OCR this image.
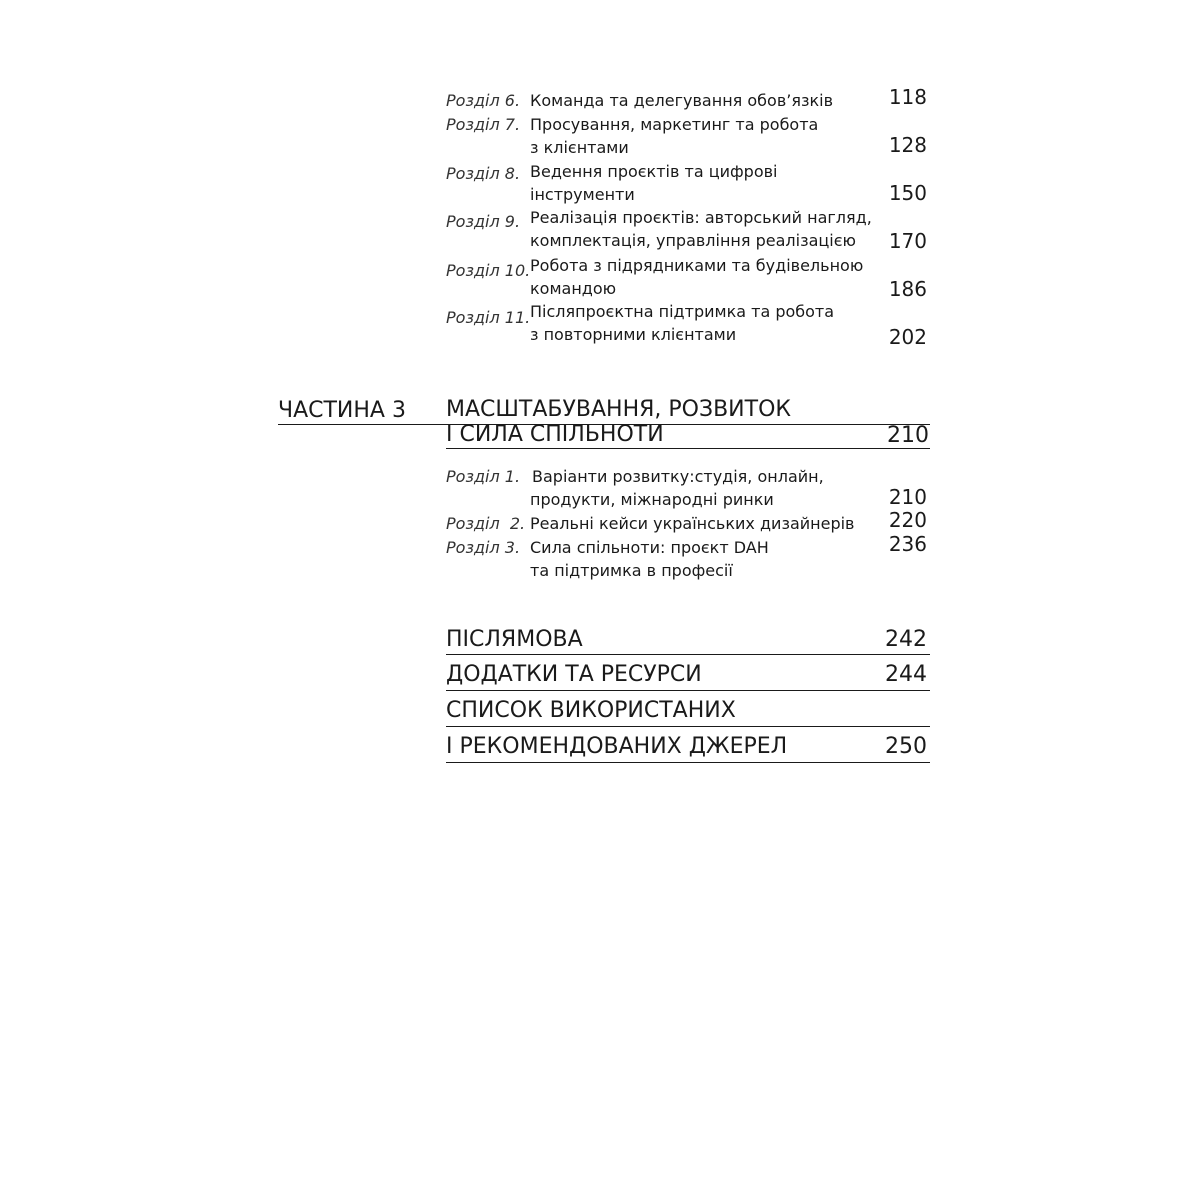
Розділ 6. Команда та делегування обов’язків	118
Розділ 7. Просування, маркетинг та робота
з клієнтами	128
Розділ 8. Ведення проєктів та цифрові
інструменти	150
Розділ 9. Реалізація проєктів: авторський нагляд,
комплектація, управління реалізацією	170
Розділ 10. Робота з підрядниками та будівельною
командою	186
Розділ 11. Післяпроєктна підтримка та робота
з повторними клієнтами	202
ЧАСТИНА 3 МАСШТАБУВАННЯ, РОЗВИТОК
І СИЛА СПІЛЬНОТИ	210
Розділ 1. Варіанти розвитку:студія, онлайн,
продукти, міжнародні ринки	210
Розділ  2. Реальні кейси українських дизайнерів	220
Розділ 3. Сила спільноти: проєкт DAH
та підтримка в професії
236
ПІСЛЯМОВА	242
ДОДАТКИ ТА РЕСУРСИ	244
СПИСОК ВИКОРИСТАНИХ
І РЕКОМЕНДОВАНИХ ДЖЕРЕЛ	250
